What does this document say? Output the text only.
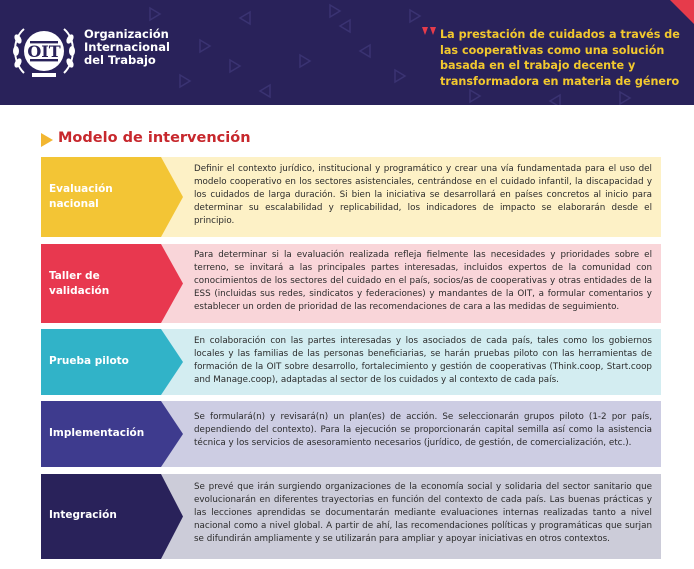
OIT
Organización
Internacional
del Trabajo
La prestación de cuidados a través de las cooperativas como una solución basada en el trabajo decente y transformadora en materia de género
Modelo de intervención
Evaluación nacional
Definir el contexto jurídico, institucional y programático y crear una vía fundamentada para el uso del modelo cooperativo en los sectores asistenciales, centrándose en el cuidado infantil, la discapacidad y los cuidados de larga duración. Si bien la iniciativa se desarrollará en países concretos al inicio para determinar su escalabilidad y replicabilidad, los indicadores de impacto se elaborarán desde el principio.
Taller de validación
Para determinar si la evaluación realizada refleja fielmente las necesidades y prioridades sobre el terreno, se invitará a las principales partes interesadas, incluidos expertos de la comunidad con conocimientos de los sectores del cuidado en el país, socios/as de cooperativas y otras entidades de la ESS (incluidas sus redes, sindicatos y federaciones) y mandantes de la OIT, a formular comentarios y establecer un orden de prioridad de las recomendaciones de cara a las medidas de seguimiento.
Prueba piloto
En colaboración con las partes interesadas y los asociados de cada país, tales como los gobiernos locales y las familias de las personas beneficiarias, se harán pruebas piloto con las herramientas de formación de la OIT sobre desarrollo, fortalecimiento y gestión de cooperativas (Think.coop, Start.coop and Manage.coop), adaptadas al sector de los cuidados y al contexto de cada país.
Implementación
Se formulará(n) y revisará(n) un plan(es) de acción. Se seleccionarán grupos piloto (1-2 por país, dependiendo del contexto). Para la ejecución se proporcionarán capital semilla así como la asistencia técnica y los servicios de asesoramiento necesarios (jurídico, de gestión, de comercialización, etc.).
Integración
Se prevé que irán surgiendo organizaciones de la economía social y solidaria del sector sanitario que evolucionarán en diferentes trayectorias en función del contexto de cada país. Las buenas prácticas y las lecciones aprendidas se documentarán mediante evaluaciones internas realizadas tanto a nivel nacional como a nivel global. A partir de ahí, las recomendaciones políticas y programáticas que surjan se difundirán ampliamente y se utilizarán para ampliar y apoyar iniciativas en otros contextos.
